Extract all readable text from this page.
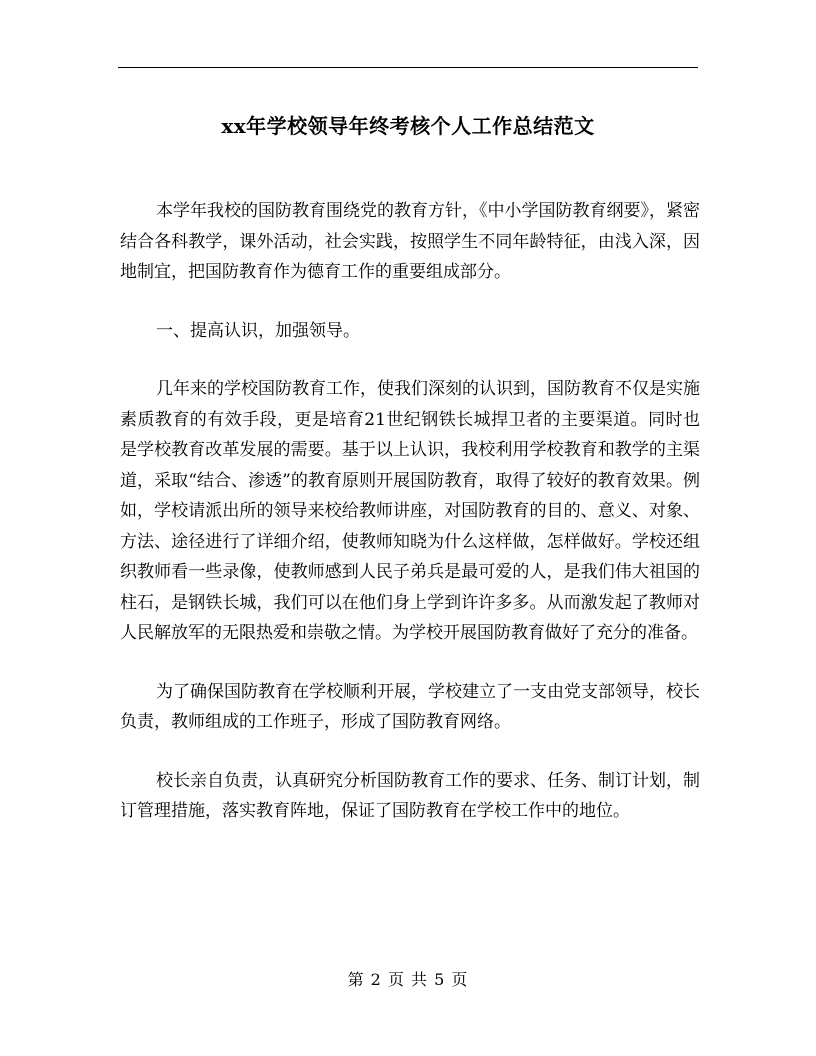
xx年学校领导年终考核个人工作总结范文

本学年我校的国防教育围绕党的教育方针，《中小学国防教育纲要》，紧密结合各科教学，课外活动，社会实践，按照学生不同年龄特征，由浅入深，因地制宜，把国防教育作为德育工作的重要组成部分。

一、提高认识，加强领导。

几年来的学校国防教育工作，使我们深刻的认识到，国防教育不仅是实施素质教育的有效手段，更是培育21世纪钢铁长城捍卫者的主要渠道。同时也是学校教育改革发展的需要。基于以上认识，我校利用学校教育和教学的主渠道，采取“结合、渗透”的教育原则开展国防教育，取得了较好的教育效果。例如，学校请派出所的领导来校给教师讲座，对国防教育的目的、意义、对象、方法、途径进行了详细介绍，使教师知晓为什么这样做，怎样做好。学校还组织教师看一些录像，使教师感到人民子弟兵是最可爱的人，是我们伟大祖国的柱石，是钢铁长城，我们可以在他们身上学到许许多多。从而激发起了教师对人民解放军的无限热爱和崇敬之情。为学校开展国防教育做好了充分的准备。

为了确保国防教育在学校顺利开展，学校建立了一支由党支部领导，校长负责，教师组成的工作班子，形成了国防教育网络。

校长亲自负责，认真研究分析国防教育工作的要求、任务、制订计划，制订管理措施，落实教育阵地，保证了国防教育在学校工作中的地位。

第 2 页 共 5 页
